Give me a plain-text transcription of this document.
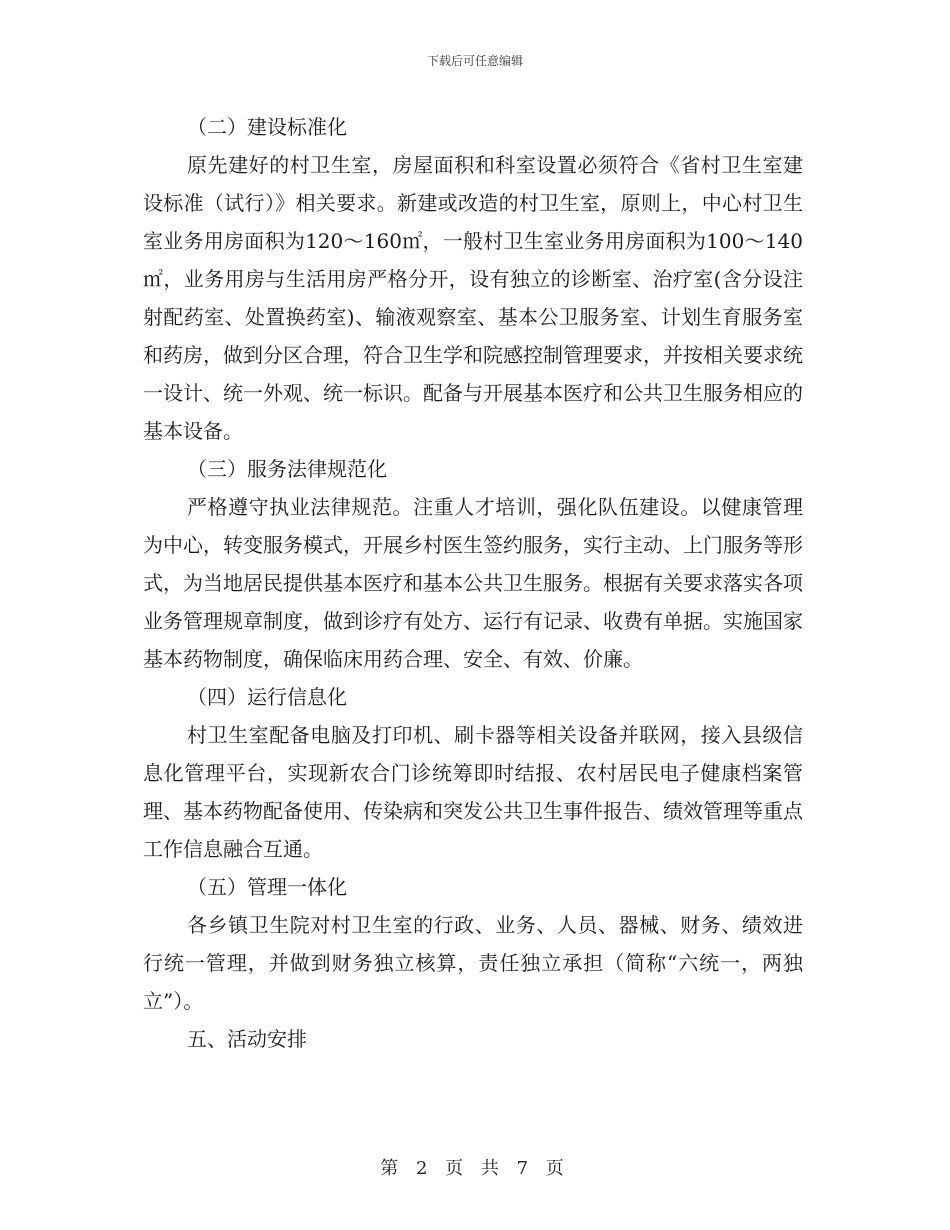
下载后可任意编辑

（二）建设标准化

原先建好的村卫生室，房屋面积和科室设置必须符合《省村卫生室建设标准（试行）》相关要求。新建或改造的村卫生室，原则上，中心村卫生室业务用房面积为120～160㎡，一般村卫生室业务用房面积为100～140㎡，业务用房与生活用房严格分开，设有独立的诊断室、治疗室(含分设注射配药室、处置换药室)、输液观察室、基本公卫服务室、计划生育服务室和药房，做到分区合理，符合卫生学和院感控制管理要求，并按相关要求统一设计、统一外观、统一标识。配备与开展基本医疗和公共卫生服务相应的基本设备。

（三）服务法律规范化

严格遵守执业法律规范。注重人才培训，强化队伍建设。以健康管理为中心，转变服务模式，开展乡村医生签约服务，实行主动、上门服务等形式，为当地居民提供基本医疗和基本公共卫生服务。根据有关要求落实各项业务管理规章制度，做到诊疗有处方、运行有记录、收费有单据。实施国家基本药物制度，确保临床用药合理、安全、有效、价廉。

（四）运行信息化

村卫生室配备电脑及打印机、刷卡器等相关设备并联网，接入县级信息化管理平台，实现新农合门诊统筹即时结报、农村居民电子健康档案管理、基本药物配备使用、传染病和突发公共卫生事件报告、绩效管理等重点工作信息融合互通。

（五）管理一体化

各乡镇卫生院对村卫生室的行政、业务、人员、器械、财务、绩效进行统一管理，并做到财务独立核算，责任独立承担（简称“六统一，两独立”）。

五、活动安排

第 2 页 共 7 页
